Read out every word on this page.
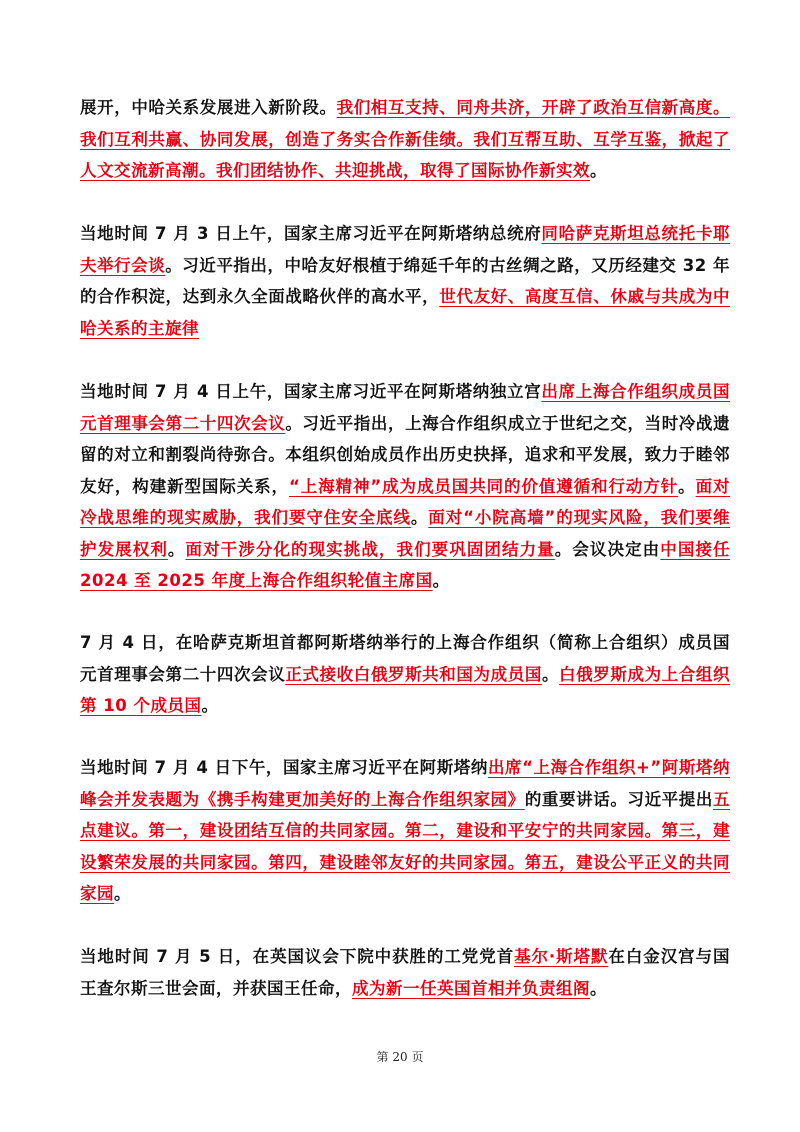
展开，中哈关系发展进入新阶段。我们相互支持、同舟共济，开辟了政治互信新高度。我们互利共赢、协同发展，创造了务实合作新佳绩。我们互帮互助、互学互鉴，掀起了人文交流新高潮。我们团结协作、共迎挑战，取得了国际协作新实效。
当地时间 7 月 3 日上午，国家主席习近平在阿斯塔纳总统府同哈萨克斯坦总统托卡耶夫举行会谈。习近平指出，中哈友好根植于绵延千年的古丝绸之路，又历经建交 32 年的合作积淀，达到永久全面战略伙伴的高水平，世代友好、高度互信、休戚与共成为中哈关系的主旋律
当地时间 7 月 4 日上午，国家主席习近平在阿斯塔纳独立宫出席上海合作组织成员国元首理事会第二十四次会议。习近平指出，上海合作组织成立于世纪之交，当时冷战遗留的对立和割裂尚待弥合。本组织创始成员作出历史抉择，追求和平发展，致力于睦邻友好，构建新型国际关系，“上海精神”成为成员国共同的价值遵循和行动方针。面对冷战思维的现实威胁，我们要守住安全底线。面对“小院高墙”的现实风险，我们要维护发展权利。面对干涉分化的现实挑战，我们要巩固团结力量。会议决定由中国接任 2024 至 2025 年度上海合作组织轮值主席国。
7 月 4 日，在哈萨克斯坦首都阿斯塔纳举行的上海合作组织（简称上合组织）成员国元首理事会第二十四次会议正式接收白俄罗斯共和国为成员国。白俄罗斯成为上合组织第 10 个成员国。
当地时间 7 月 4 日下午，国家主席习近平在阿斯塔纳出席“上海合作组织+”阿斯塔纳峰会并发表题为《携手构建更加美好的上海合作组织家园》的重要讲话。习近平提出五点建议。第一，建设团结互信的共同家园。第二，建设和平安宁的共同家园。第三，建设繁荣发展的共同家园。第四，建设睦邻友好的共同家园。第五，建设公平正义的共同家园。
当地时间 7 月 5 日，在英国议会下院中获胜的工党党首基尔·斯塔默在白金汉宫与国王查尔斯三世会面，并获国王任命，成为新一任英国首相并负责组阁。
第 20 页
